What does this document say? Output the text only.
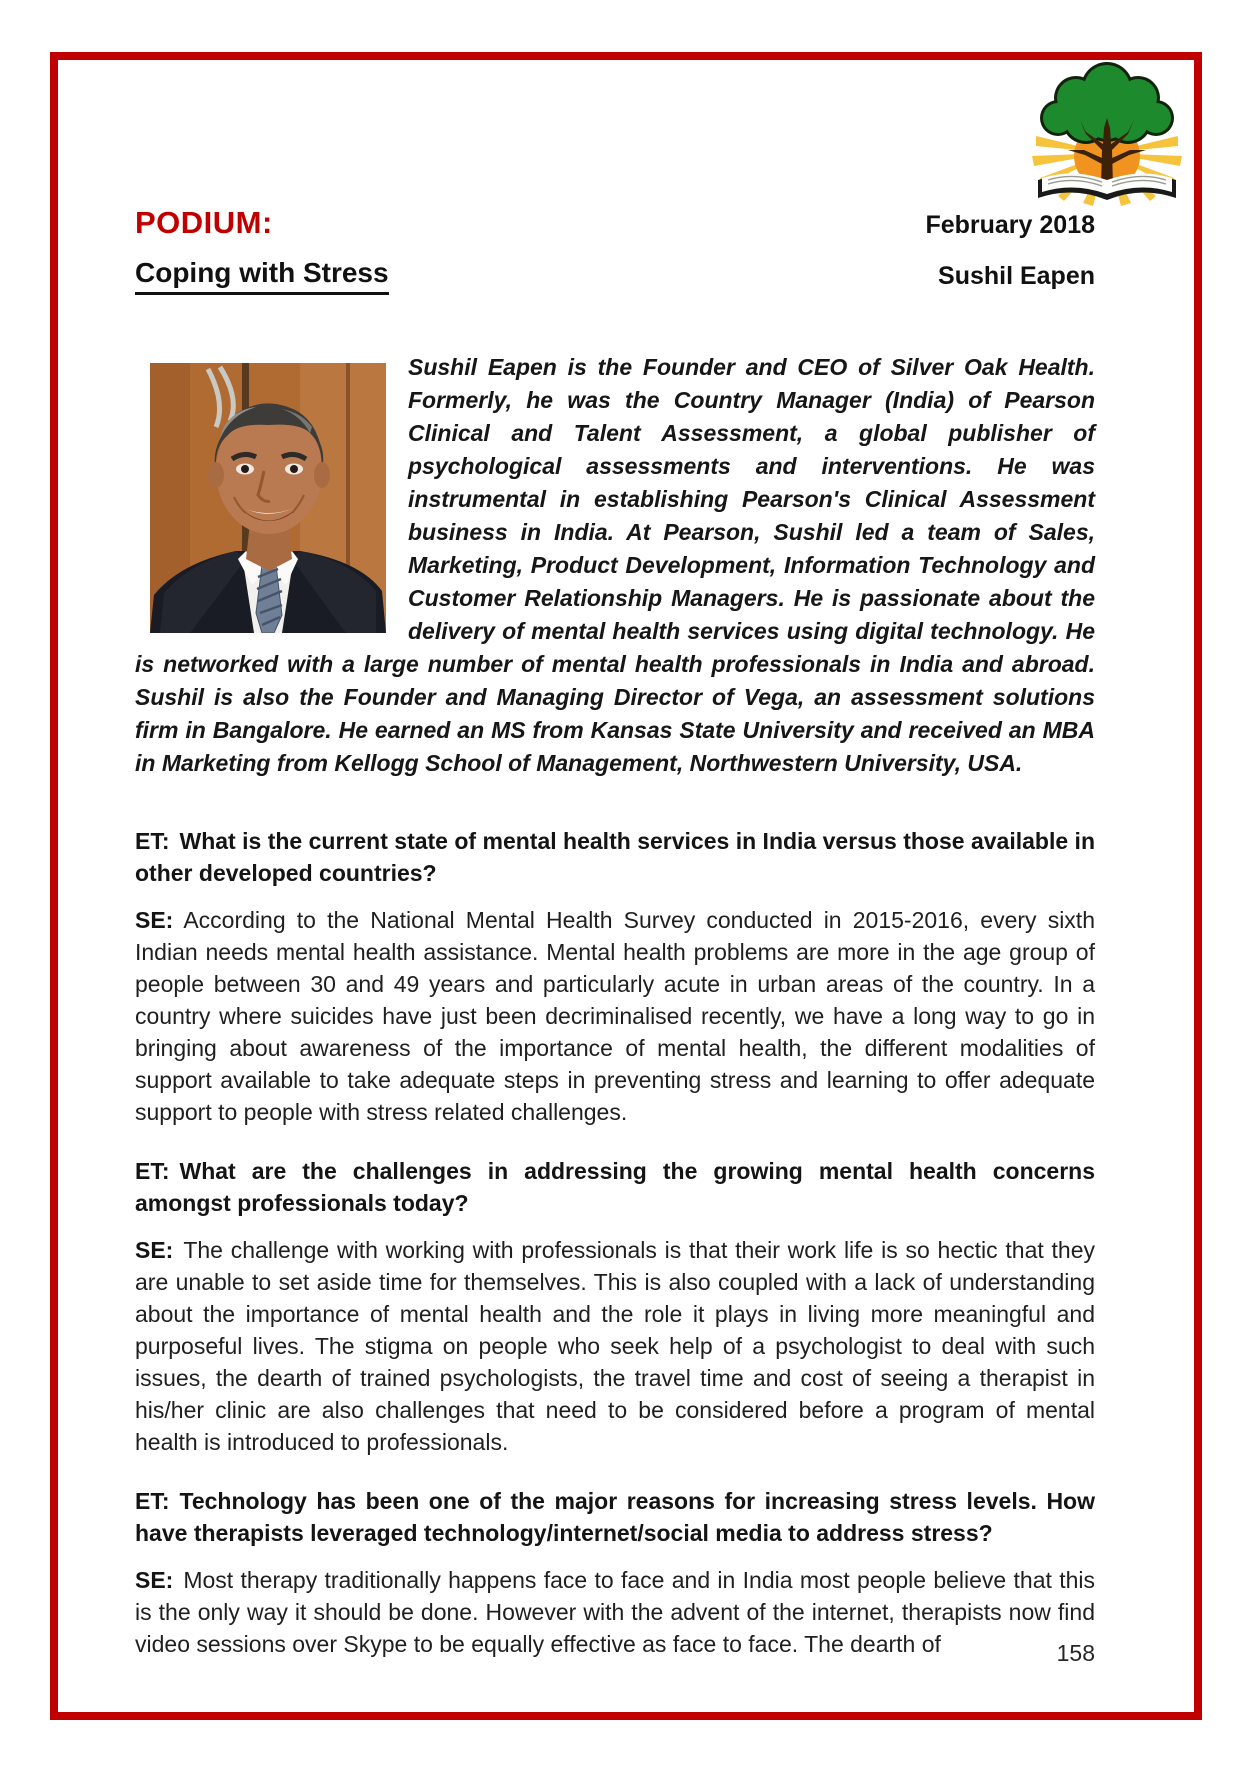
PODIUM:
Coping with Stress
February 2018
Sushil Eapen
Sushil Eapen is the Founder and CEO of Silver Oak Health. Formerly, he was the Country Manager (India) of Pearson Clinical and Talent Assessment, a global publisher of psychological assessments and interventions. He was instrumental in establishing Pearson's Clinical Assessment business in India. At Pearson, Sushil led a team of Sales, Marketing, Product Development, Information Technology and Customer Relationship Managers. He is passionate about the delivery of mental health services using digital technology. He is networked with a large number of mental health professionals in India and abroad. Sushil is also the Founder and Managing Director of Vega, an assessment solutions firm in Bangalore. He earned an MS from Kansas State University and received an MBA in Marketing from Kellogg School of Management, Northwestern University, USA.

ET: What is the current state of mental health services in India versus those available in other developed countries?

SE: According to the National Mental Health Survey conducted in 2015-2016, every sixth Indian needs mental health assistance. Mental health problems are more in the age group of people between 30 and 49 years and particularly acute in urban areas of the country. In a country where suicides have just been decriminalised recently, we have a long way to go in bringing about awareness of the importance of mental health, the different modalities of support available to take adequate steps in preventing stress and learning to offer adequate support to people with stress related challenges.

ET: What are the challenges in addressing the growing mental health concerns amongst professionals today?

SE: The challenge with working with professionals is that their work life is so hectic that they are unable to set aside time for themselves. This is also coupled with a lack of understanding about the importance of mental health and the role it plays in living more meaningful and purposeful lives. The stigma on people who seek help of a psychologist to deal with such issues, the dearth of trained psychologists, the travel time and cost of seeing a therapist in his/her clinic are also challenges that need to be considered before a program of mental health is introduced to professionals.

ET: Technology has been one of the major reasons for increasing stress levels. How have therapists leveraged technology/internet/social media to address stress?

SE: Most therapy traditionally happens face to face and in India most people believe that this is the only way it should be done. However with the advent of the internet, therapists now find video sessions over Skype to be equally effective as face to face. The dearth of	158
